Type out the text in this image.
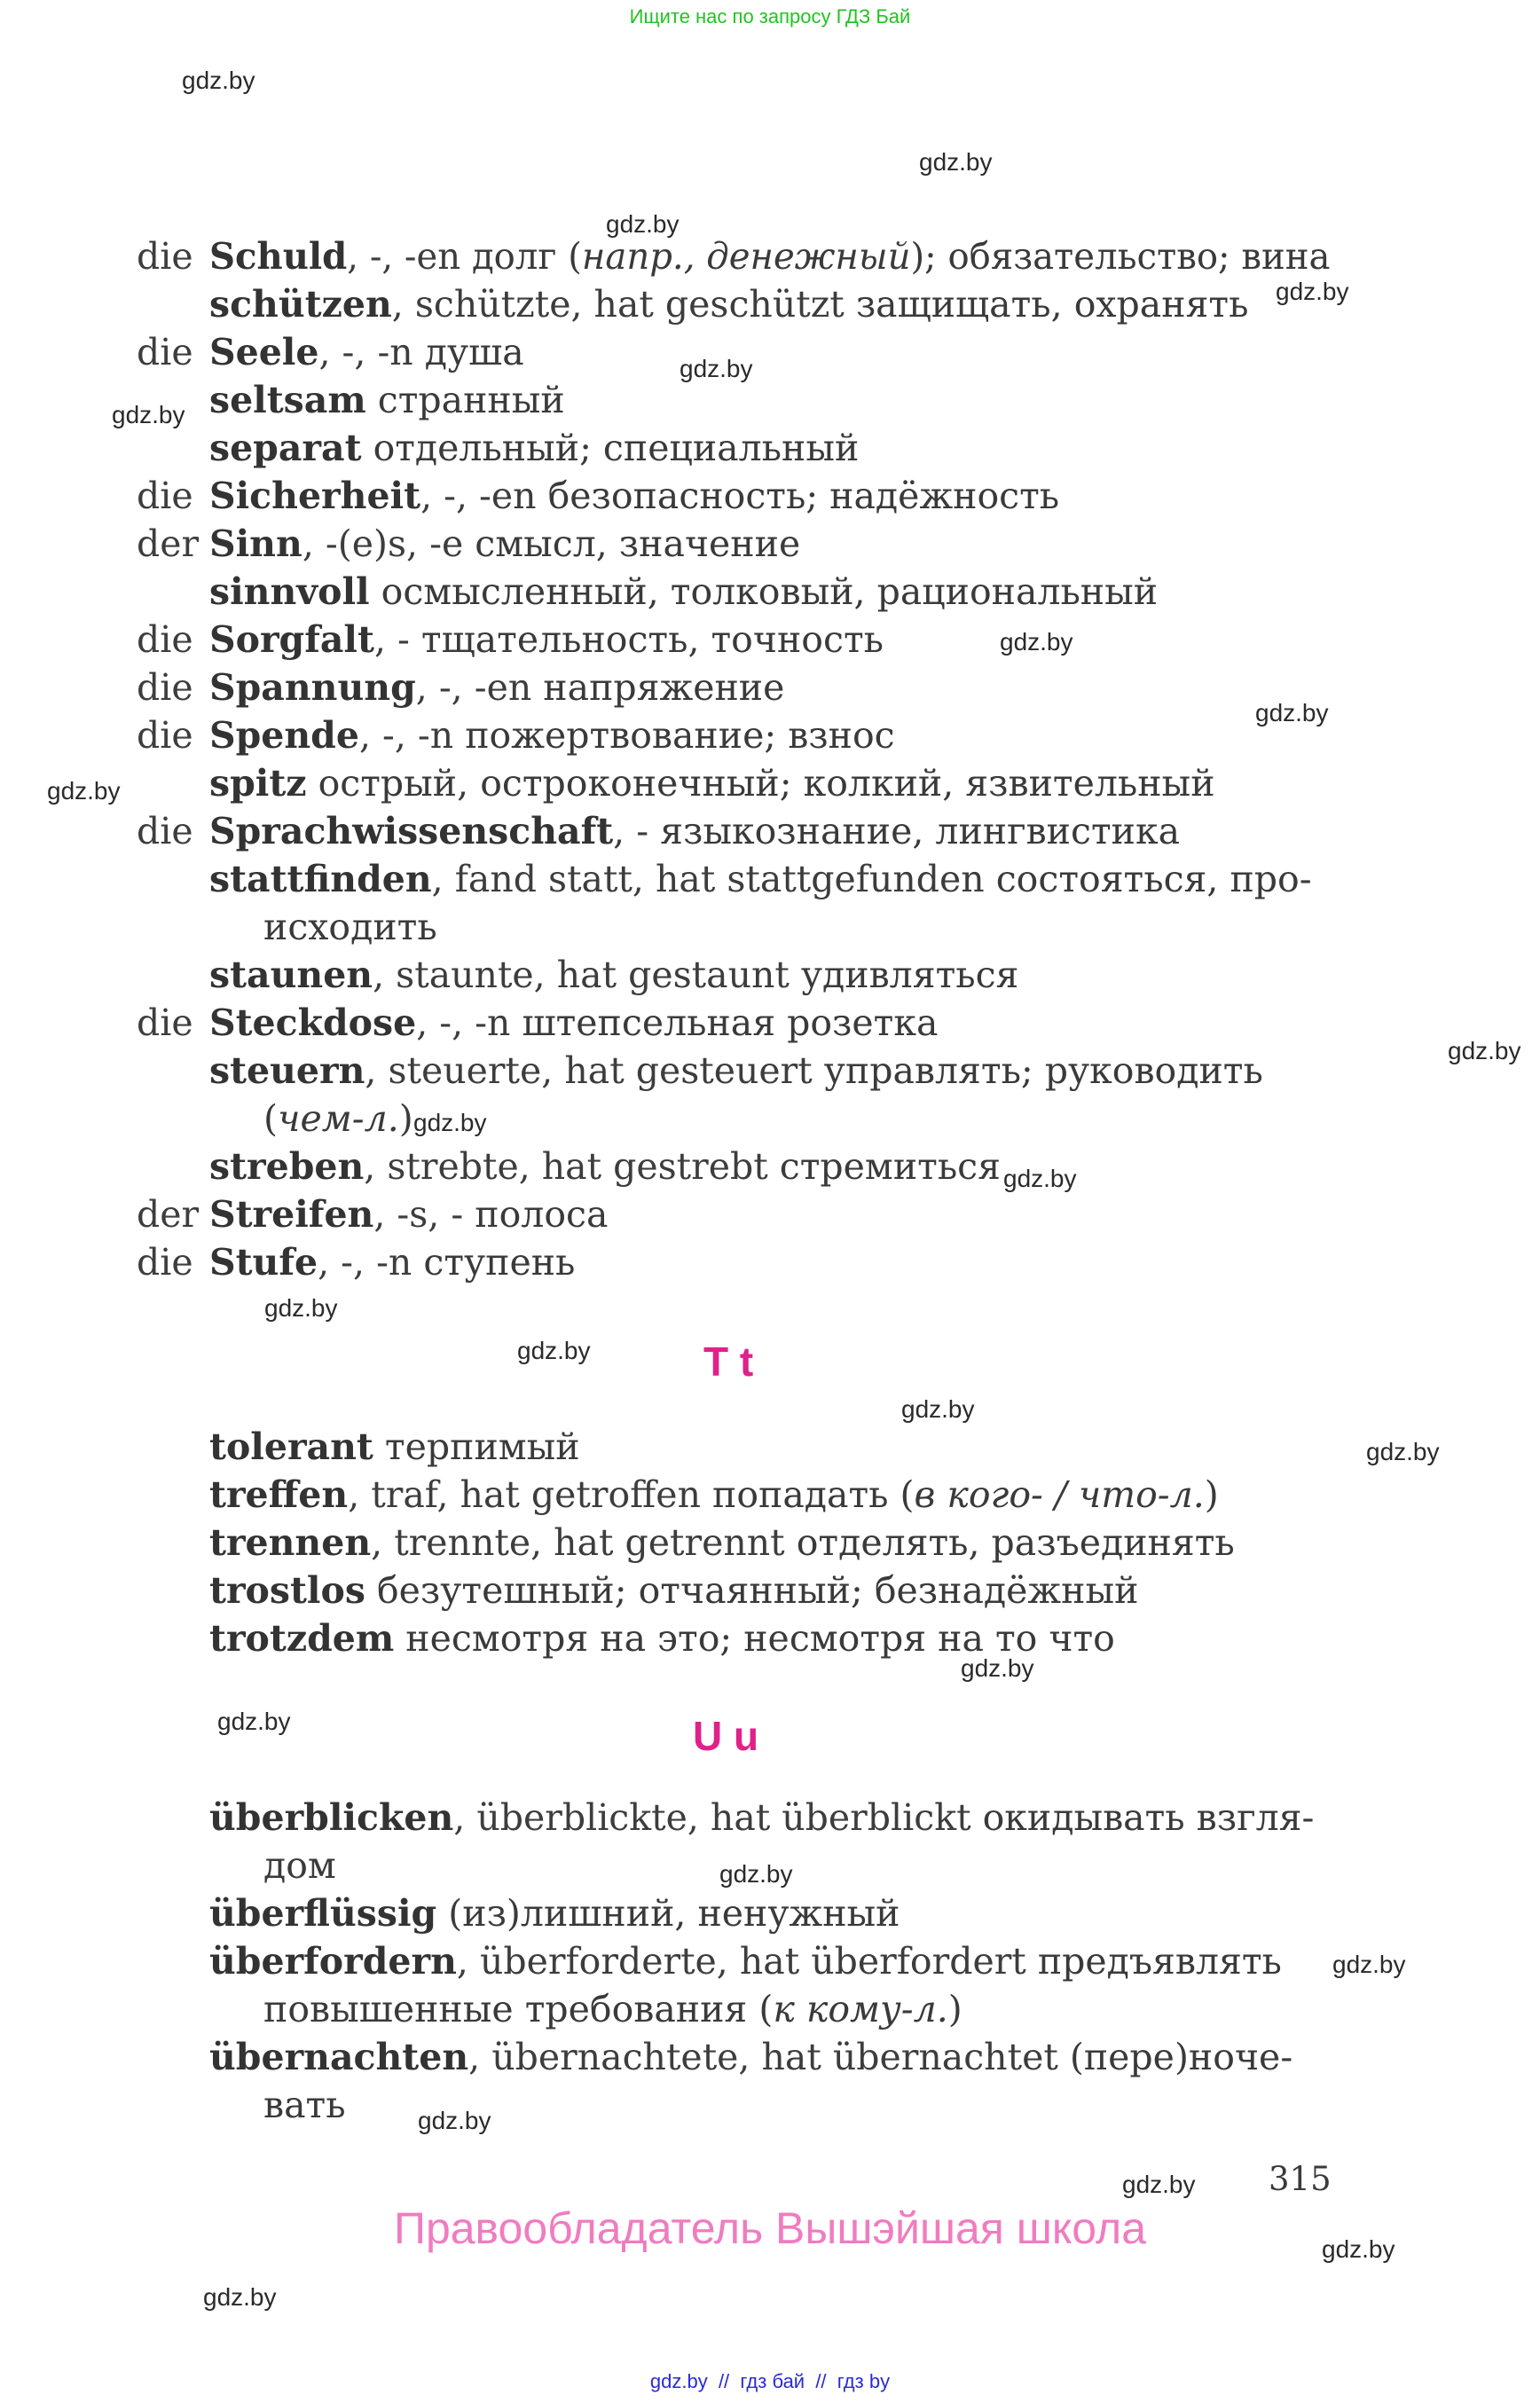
Ищите нас по запросу ГДЗ Бай
gdz.by
gdz.by
gdz.by
gdz.by
gdz.by
gdz.by
gdz.by
gdz.by
gdz.by
gdz.by
gdz.by
gdz.by
gdz.by
gdz.by
gdz.by
gdz.by
gdz.by
gdz.by
gdz.by
gdz.by
gdz.by
gdz.by
gdz.by
gdz.by
die Schuld, -, -en долг (напр., денежный); обязательство; вина
schützen, schützte, hat geschützt защищать, охранять
die Seele, -, -n душа
seltsam странный
separat отдельный; специальный
die Sicherheit, -, -en безопасность; надёжность
der Sinn, -(e)s, -e смысл, значение
sinnvoll осмысленный, толковый, рациональный
die Sorgfalt, - тщательность, точность
die Spannung, -, -en напряжение
die Spende, -, -n пожертвование; взнос
spitz острый, остроконечный; колкий, язвительный
die Sprachwissenschaft, - языкознание, лингвистика
stattfinden, fand statt, hat stattgefunden состояться, про-
исходить
staunen, staunte, hat gestaunt удивляться
die Steckdose, -, -n штепсельная розетка
steuern, steuerte, hat gesteuert управлять; руководить
(чем-л.)
streben, strebte, hat gestrebt стремиться
der Streifen, -s, - полоса
die Stufe, -, -n ступень
T t
tolerant терпимый
treffen, traf, hat getroffen попадать (в кого- / что-л.)
trennen, trennte, hat getrennt отделять, разъединять
trostlos безутешный; отчаянный; безнадёжный
trotzdem несмотря на это; несмотря на то что
U u
überblicken, überblickte, hat überblickt окидывать взгля-
дом
überflüssig (из)лишний, ненужный
überfordern, überforderte, hat überfordert предъявлять
повышенные требования (к кому-л.)
übernachten, übernachtete, hat übernachtet (пере)ноче-
вать
315
Правообладатель Вышэйшая школа
gdz.by  //  гдз бай  //  гдз by
